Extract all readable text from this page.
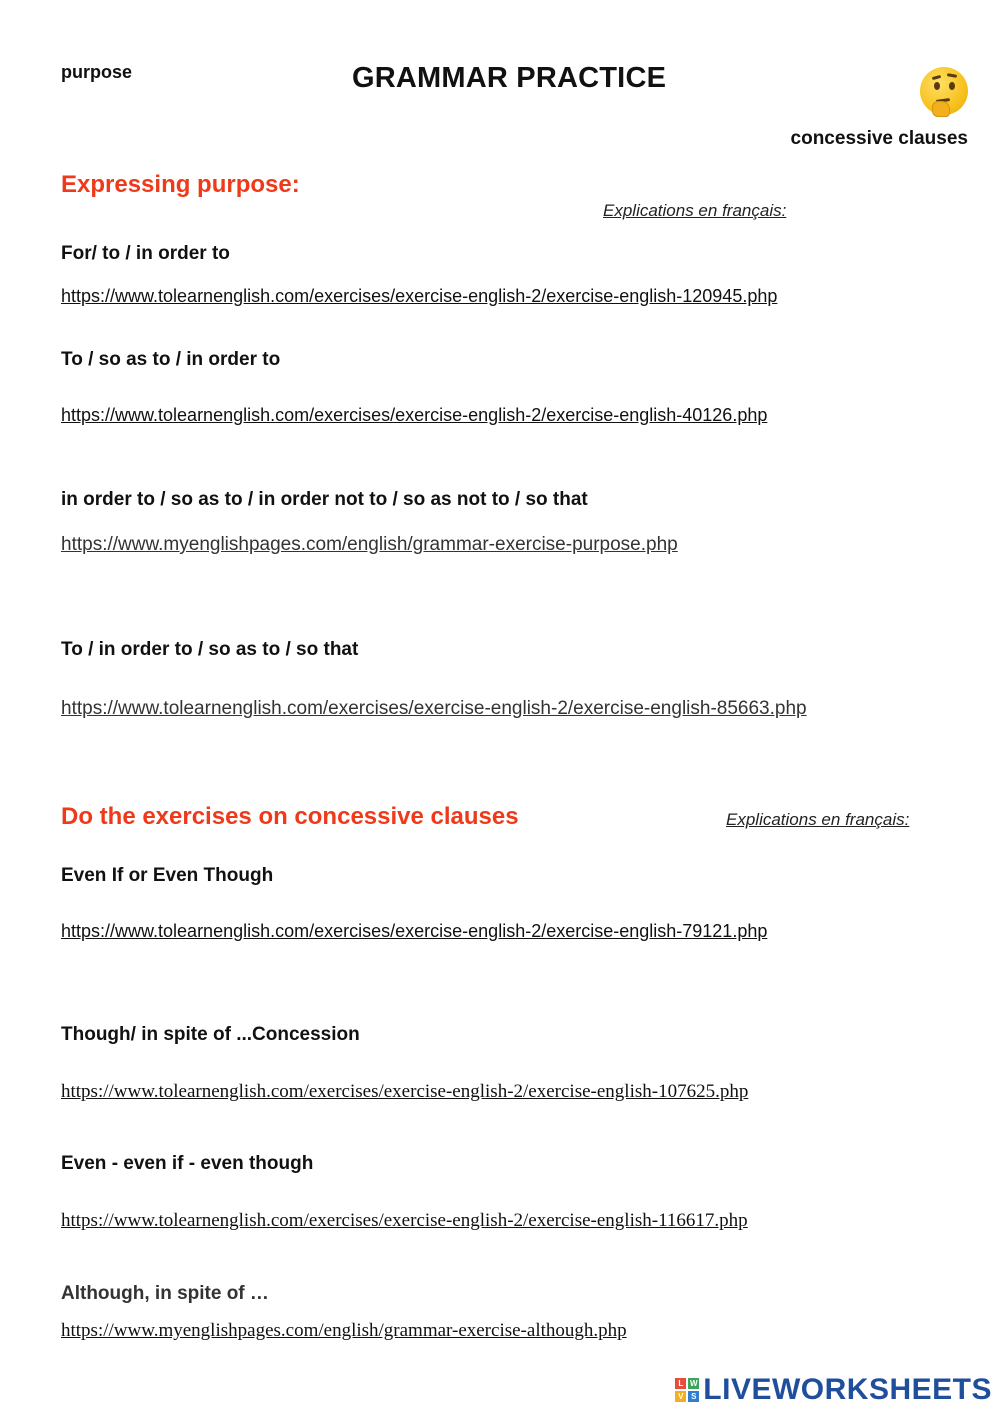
purpose	GRAMMAR PRACTICE
concessive clauses
Expressing purpose:
Explications en français:
For/ to / in order to
https://www.tolearnenglish.com/exercises/exercise-english-2/exercise-english-120945.php
To / so as to / in order to
https://www.tolearnenglish.com/exercises/exercise-english-2/exercise-english-40126.php
in order to / so as to / in order not to / so as not to / so that
https://www.myenglishpages.com/english/grammar-exercise-purpose.php
To / in order to / so as to / so that
https://www.tolearnenglish.com/exercises/exercise-english-2/exercise-english-85663.php
Do the exercises on concessive clauses	Explications en français:
Even If or Even Though
https://www.tolearnenglish.com/exercises/exercise-english-2/exercise-english-79121.php
Though/ in spite of ...Concession
https://www.tolearnenglish.com/exercises/exercise-english-2/exercise-english-107625.php
Even - even if - even though
https://www.tolearnenglish.com/exercises/exercise-english-2/exercise-english-116617.php
Although, in spite of …
https://www.myenglishpages.com/english/grammar-exercise-although.php
L W
V S LIVEWORKSHEETS
